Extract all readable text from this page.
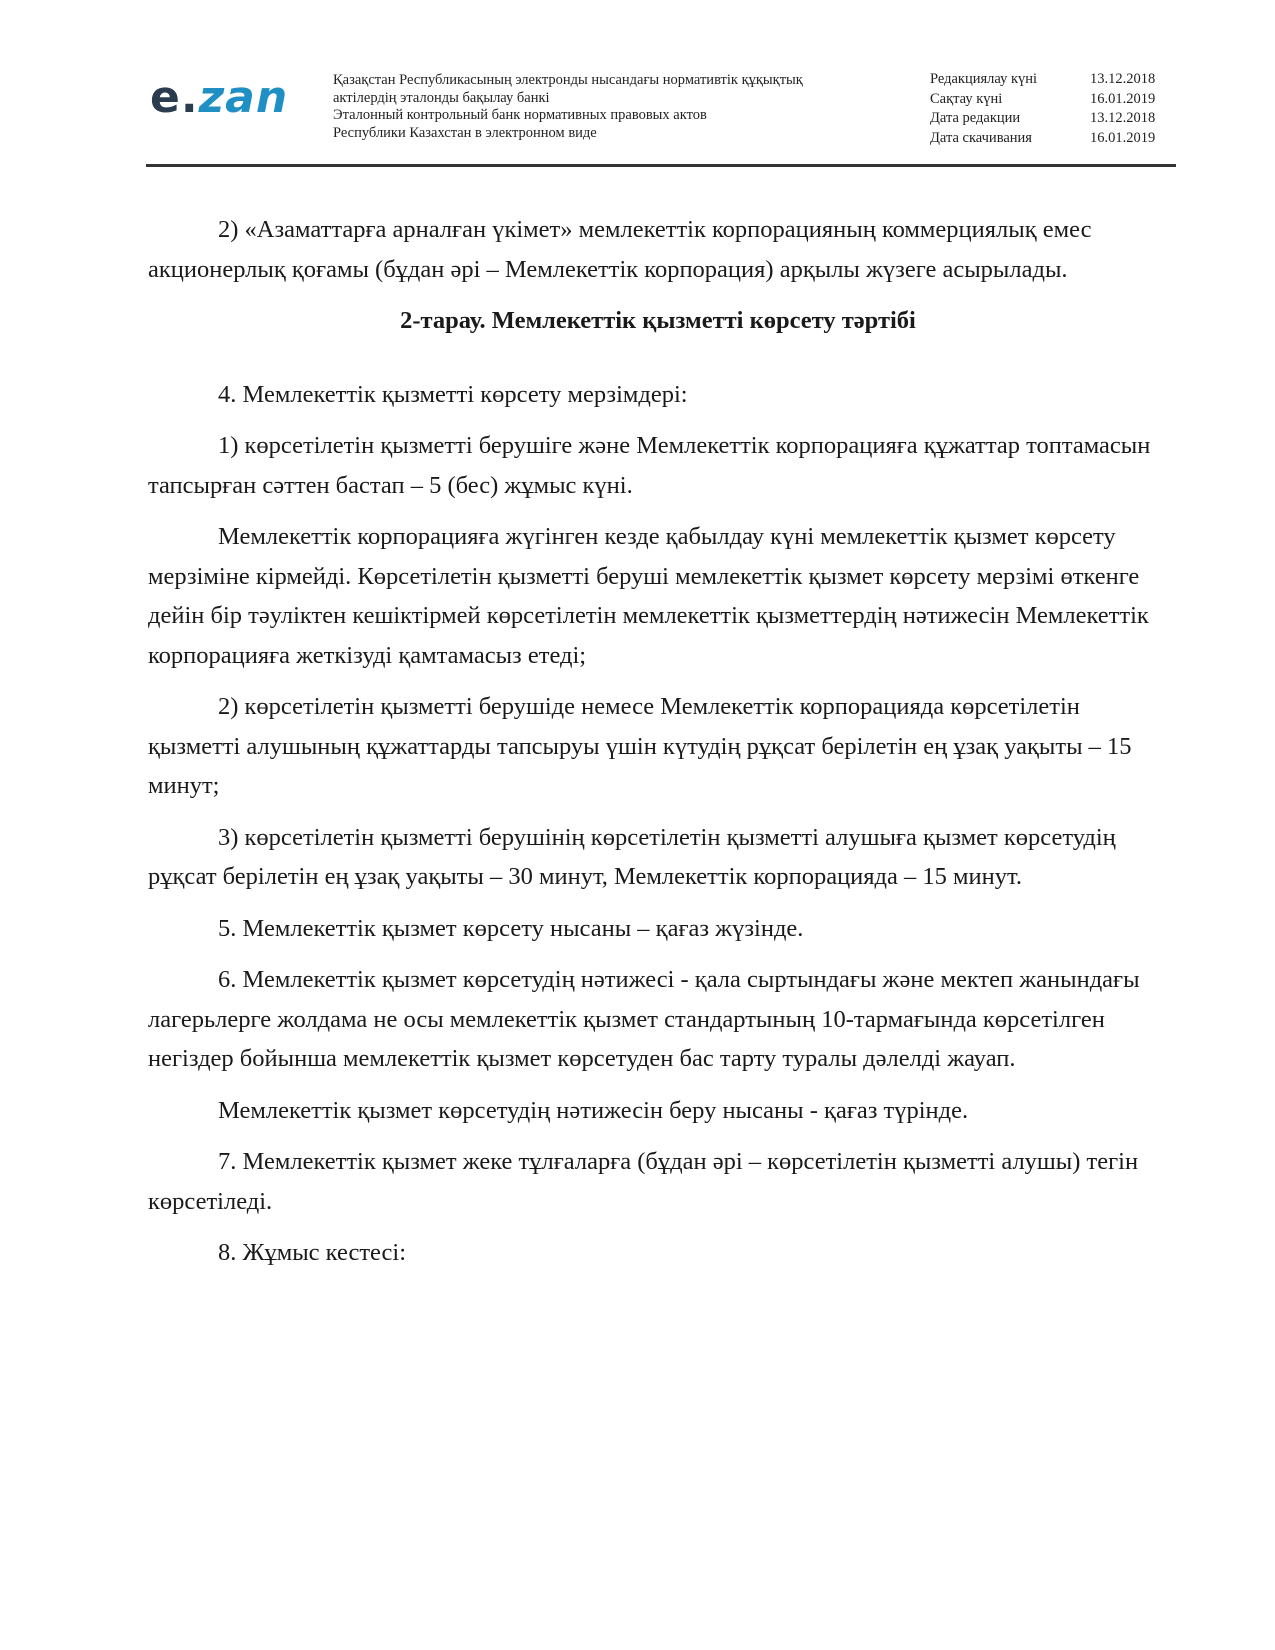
e.zan	Қазақстан Республикасының электронды нысандағы нормативтік құқықтық
актілердің эталонды бақылау банкі
Эталонный контрольный банк нормативных правовых актов
Республики Казахстан в электронном виде
Редакциялау күні	13.12.2018
Сақтау күні	16.01.2019
Дата редакции	13.12.2018
Дата скачивания	16.01.2019

2) «Азаматтарға арналған үкімет» мемлекеттік корпорацияның коммерциялық емес акционерлық қоғамы (бұдан әрі – Мемлекеттік корпорация) арқылы жүзеге асырылады.

2-тарау. Мемлекеттік қызметті көрсету тәртібі

4. Мемлекеттік қызметті көрсету мерзімдері:

1) көрсетілетін қызметті берушіге және Мемлекеттік корпорацияға құжаттар топтамасын тапсырған сәттен бастап – 5 (бес) жұмыс күні.

Мемлекеттік корпорацияға жүгінген кезде қабылдау күні мемлекеттік қызмет көрсету мерзіміне кірмейді. Көрсетілетін қызметті беруші мемлекеттік қызмет көрсету мерзімі өткенге дейін бір тәуліктен кешіктірмей көрсетілетін мемлекеттік қызметтердің нәтижесін Мемлекеттік корпорацияға жеткізуді қамтамасыз етеді;

2) көрсетілетін қызметті берушіде немесе Мемлекеттік корпорацияда көрсетілетін қызметті алушының құжаттарды тапсыруы үшін күтудің рұқсат берілетін ең ұзақ уақыты – 15 минут;

3) көрсетілетін қызметті берушінің көрсетілетін қызметті алушыға қызмет көрсетудің рұқсат берілетін ең ұзақ уақыты – 30 минут, Мемлекеттік корпорацияда – 15 минут.

5. Мемлекеттік қызмет көрсету нысаны – қағаз жүзінде.

6. Мемлекеттік қызмет көрсетудің нәтижесі - қала сыртындағы және мектеп жанындағы лагерьлерге жолдама не осы мемлекеттік қызмет стандартының 10-тармағында көрсетілген негіздер бойынша мемлекеттік қызмет көрсетуден бас тарту туралы дәлелді жауап.

Мемлекеттік қызмет көрсетудің нәтижесін беру нысаны - қағаз түрінде.

7. Мемлекеттік қызмет жеке тұлғаларға (бұдан әрі – көрсетілетін қызметті алушы) тегін көрсетіледі.

8. Жұмыс кестесі:
